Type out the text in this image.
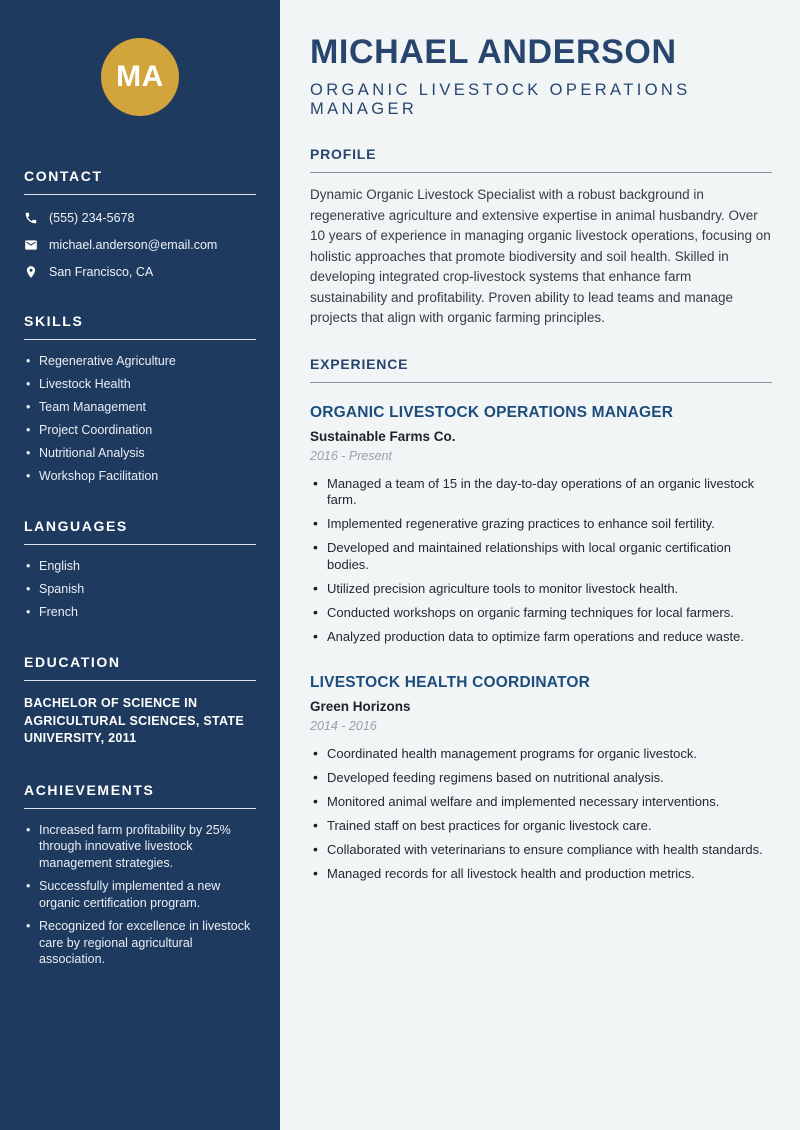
MA
CONTACT
(555) 234-5678
michael.anderson@email.com
San Francisco, CA
SKILLS
• Regenerative Agriculture
• Livestock Health
• Team Management
• Project Coordination
• Nutritional Analysis
• Workshop Facilitation
LANGUAGES
• English
• Spanish
• French
EDUCATION
BACHELOR OF SCIENCE IN AGRICULTURAL SCIENCES, STATE UNIVERSITY, 2011
ACHIEVEMENTS
• Increased farm profitability by 25% through innovative livestock management strategies.
• Successfully implemented a new organic certification program.
• Recognized for excellence in livestock care by regional agricultural association.
MICHAEL ANDERSON
ORGANIC LIVESTOCK OPERATIONS MANAGER
PROFILE

Dynamic Organic Livestock Specialist with a robust background in regenerative agriculture and extensive expertise in animal husbandry. Over 10 years of experience in managing organic livestock operations, focusing on holistic approaches that promote biodiversity and soil health. Skilled in developing integrated crop-livestock systems that enhance farm sustainability and profitability. Proven ability to lead teams and manage projects that align with organic farming principles.

EXPERIENCE
ORGANIC LIVESTOCK OPERATIONS MANAGER
Sustainable Farms Co.
2016 - Present
• Managed a team of 15 in the day-to-day operations of an organic livestock farm.
• Implemented regenerative grazing practices to enhance soil fertility.
• Developed and maintained relationships with local organic certification bodies.
• Utilized precision agriculture tools to monitor livestock health.
• Conducted workshops on organic farming techniques for local farmers.
• Analyzed production data to optimize farm operations and reduce waste.
LIVESTOCK HEALTH COORDINATOR
Green Horizons
2014 - 2016
• Coordinated health management programs for organic livestock.
• Developed feeding regimens based on nutritional analysis.
• Monitored animal welfare and implemented necessary interventions.
• Trained staff on best practices for organic livestock care.
• Collaborated with veterinarians to ensure compliance with health standards.
• Managed records for all livestock health and production metrics.
